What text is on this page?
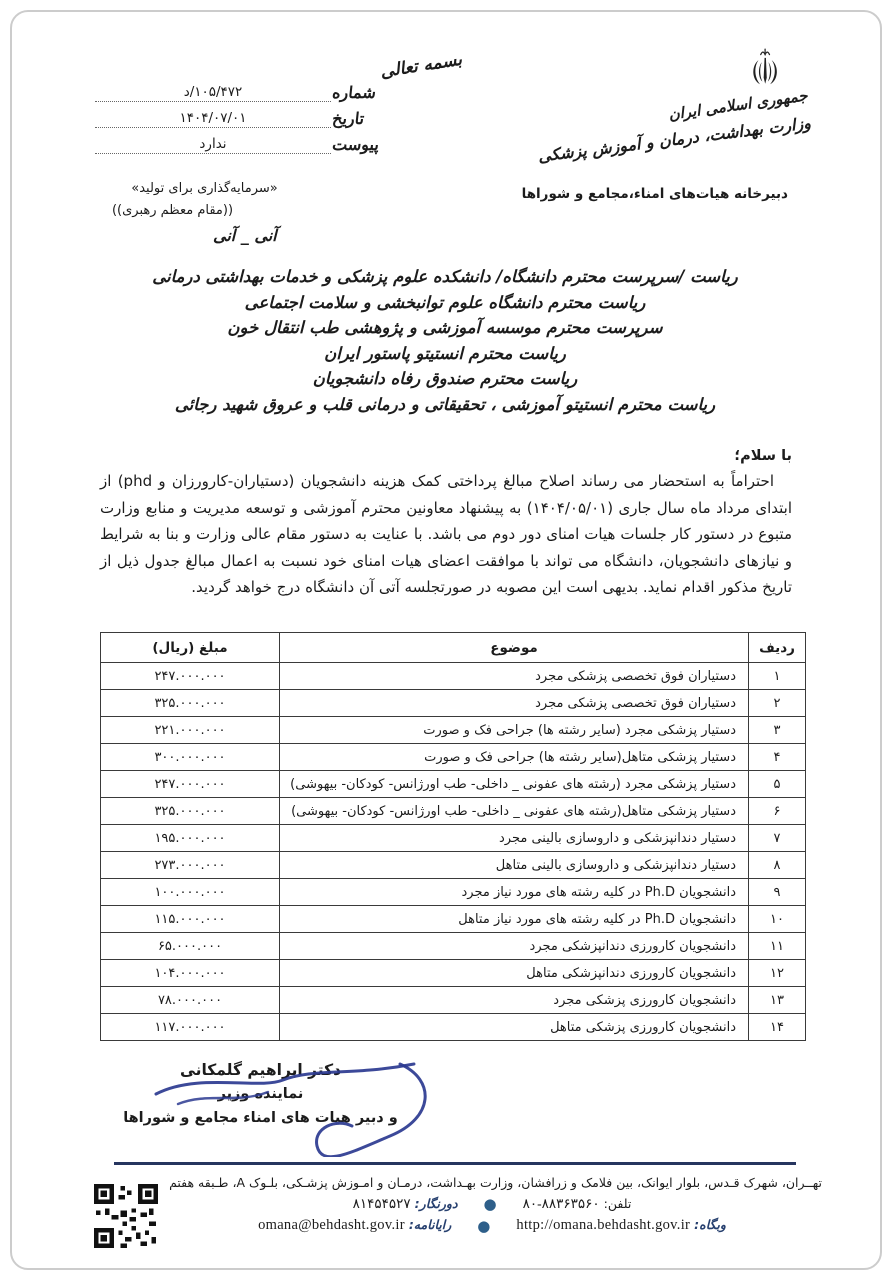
بسمه تعالی
جمهوری اسلامی ایران
وزارت بهداشت، درمان و آموزش پزشکی
دبیرخانه هیات‌های امناء،مجامع و شوراها
شماره
۱۰۵/۴۷۲/د
تاریخ
۱۴۰۴/۰۷/۰۱
پیوست
ندارد
«سرمایه‌گذاری برای تولید»
((مقام معظم رهبری))
آنی _ آنی
ریاست /سرپرست محترم دانشگاه/ دانشکده علوم پزشکی و خدمات بهداشتی درمانی
ریاست محترم دانشگاه علوم توانبخشی و سلامت اجتماعی
سرپرست محترم موسسه آموزشی و پژوهشی طب انتقال خون
ریاست محترم انستیتو پاستور ایران
ریاست محترم صندوق رفاه دانشجویان
ریاست محترم انستیتو آموزشی ، تحقیقاتی و درمانی قلب و عروق شهید رجائی
با سلام؛
احتراماً به استحضار می رساند اصلاح مبالغ پرداختی کمک هزینه دانشجویان (دستیاران-کارورزان و phd) از ابتدای مرداد ماه سال جاری (۱۴۰۴/۰۵/۰۱) به پیشنهاد معاونین محترم آموزشی و توسعه مدیریت و منابع وزارت متبوع در دستور کار جلسات هیات امنای دور دوم می باشد. با عنایت به دستور مقام عالی وزارت و بنا به شرایط و نیازهای دانشجویان، دانشگاه می تواند با موافقت اعضای هیات امنای خود نسبت به اعمال مبالغ جدول ذیل از تاریخ مذکور اقدام نماید. بدیهی است این مصوبه در صورتجلسه آتی آن دانشگاه درج خواهد گردید.
ردیف	موضوع	مبلغ (ریال)
۱	دستیاران فوق تخصصی پزشکی مجرد	۲۴۷.۰۰۰.۰۰۰
۲	دستیاران فوق تخصصی پزشکی مجرد	۳۲۵.۰۰۰.۰۰۰
۳	دستیار پزشکی مجرد (سایر رشته ها) جراحی فک و صورت	۲۲۱.۰۰۰.۰۰۰
۴	دستیار پزشکی متاهل(سایر رشته ها) جراحی فک و صورت	۳۰۰.۰۰۰.۰۰۰
۵	دستیار پزشکی مجرد (رشته های عفونی _ داخلی- طب اورژانس- کودکان- بیهوشی)	۲۴۷.۰۰۰.۰۰۰
۶	دستیار پزشکی متاهل(رشته های عفونی _ داخلی- طب اورژانس- کودکان- بیهوشی)	۳۲۵.۰۰۰.۰۰۰
۷	دستیار دندانپزشکی و داروسازی بالینی مجرد	۱۹۵.۰۰۰.۰۰۰
۸	دستیار دندانپزشکی و داروسازی بالینی متاهل	۲۷۳.۰۰۰.۰۰۰
۹	دانشجویان Ph.D در کلیه رشته های مورد نیاز مجرد	۱۰۰.۰۰۰.۰۰۰
۱۰	دانشجویان Ph.D در کلیه رشته های مورد نیاز متاهل	۱۱۵.۰۰۰.۰۰۰
۱۱	دانشجویان کارورزی دندانپزشکی مجرد	۶۵.۰۰۰.۰۰۰
۱۲	دانشجویان کارورزی دندانپزشکی متاهل	۱۰۴.۰۰۰.۰۰۰
۱۳	دانشجویان کارورزی پزشکی مجرد	۷۸.۰۰۰.۰۰۰
۱۴	دانشجویان کارورزی پزشکی متاهل	۱۱۷.۰۰۰.۰۰۰
دکتر ابراهیم گلمکانی
نماینده وزیر
و دبیر هیات های امناء مجامع و شوراها
تهــران، شهرک قـدس، بلوار ایوانک، بین فلامک و زرافشان، وزارت بهـداشت، درمـان و امـوزش پزشـکی، بلـوک A، طـبقه هفتم
تلفن: ۸۸۳۶۳۵۶۰-۸۰
●
دورنگار: ۸۱۴۵۴۵۲۷
وبگاه: http://omana.behdasht.gov.ir
●
رایانامه: omana@behdasht.gov.ir
